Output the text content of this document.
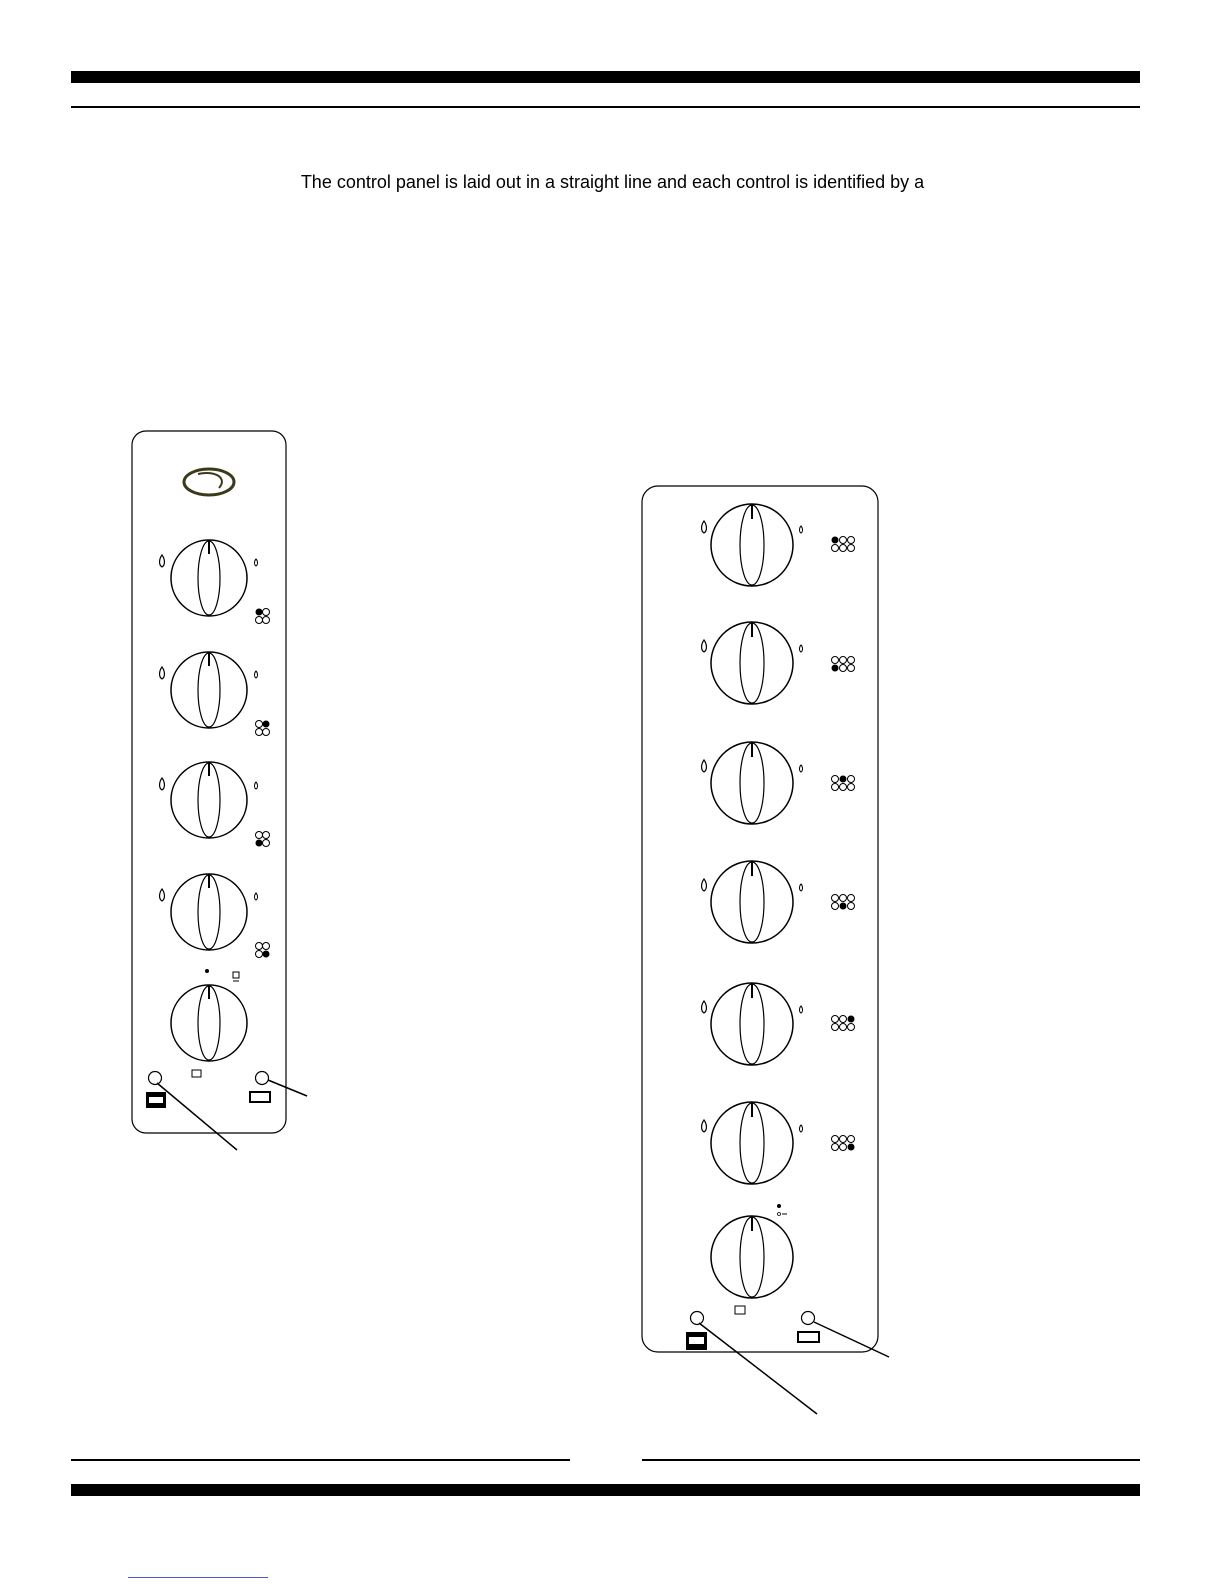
The control panel is laid out in a straight line and each control is identified by a
